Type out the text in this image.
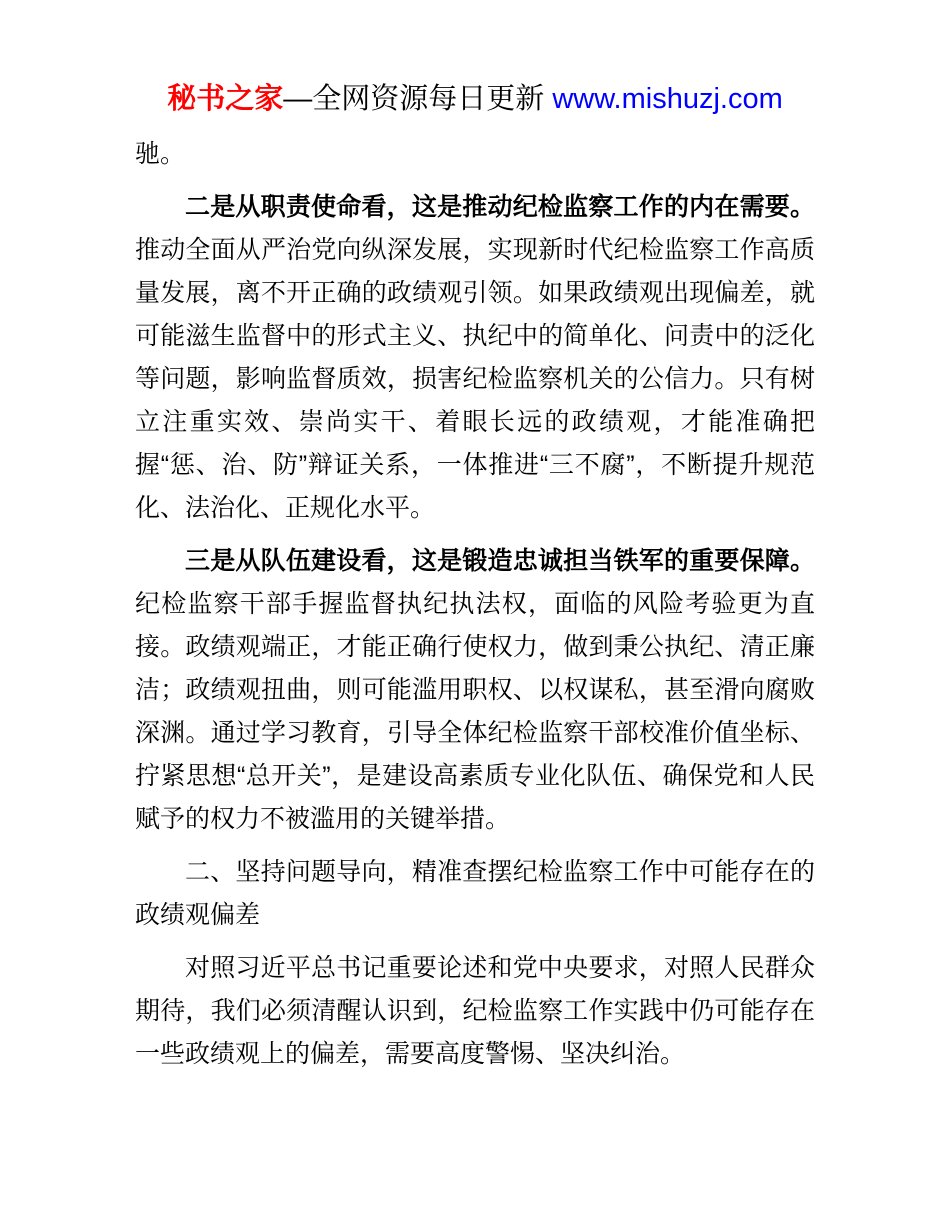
秘书之家—全网资源每日更新 www.mishuzj.com

驰。

二是从职责使命看，这是推动纪检监察工作的内在需要。推动全面从严治党向纵深发展，实现新时代纪检监察工作高质量发展，离不开正确的政绩观引领。如果政绩观出现偏差，就可能滋生监督中的形式主义、执纪中的简单化、问责中的泛化等问题，影响监督质效，损害纪检监察机关的公信力。只有树立注重实效、崇尚实干、着眼长远的政绩观，才能准确把握“惩、治、防”辩证关系，一体推进“三不腐”，不断提升规范化、法治化、正规化水平。

三是从队伍建设看，这是锻造忠诚担当铁军的重要保障。纪检监察干部手握监督执纪执法权，面临的风险考验更为直接。政绩观端正，才能正确行使权力，做到秉公执纪、清正廉洁；政绩观扭曲，则可能滥用职权、以权谋私，甚至滑向腐败深渊。通过学习教育，引导全体纪检监察干部校准价值坐标、拧紧思想“总开关”，是建设高素质专业化队伍、确保党和人民赋予的权力不被滥用的关键举措。

二、坚持问题导向，精准查摆纪检监察工作中可能存在的政绩观偏差

对照习近平总书记重要论述和党中央要求，对照人民群众期待，我们必须清醒认识到，纪检监察工作实践中仍可能存在一些政绩观上的偏差，需要高度警惕、坚决纠治。
